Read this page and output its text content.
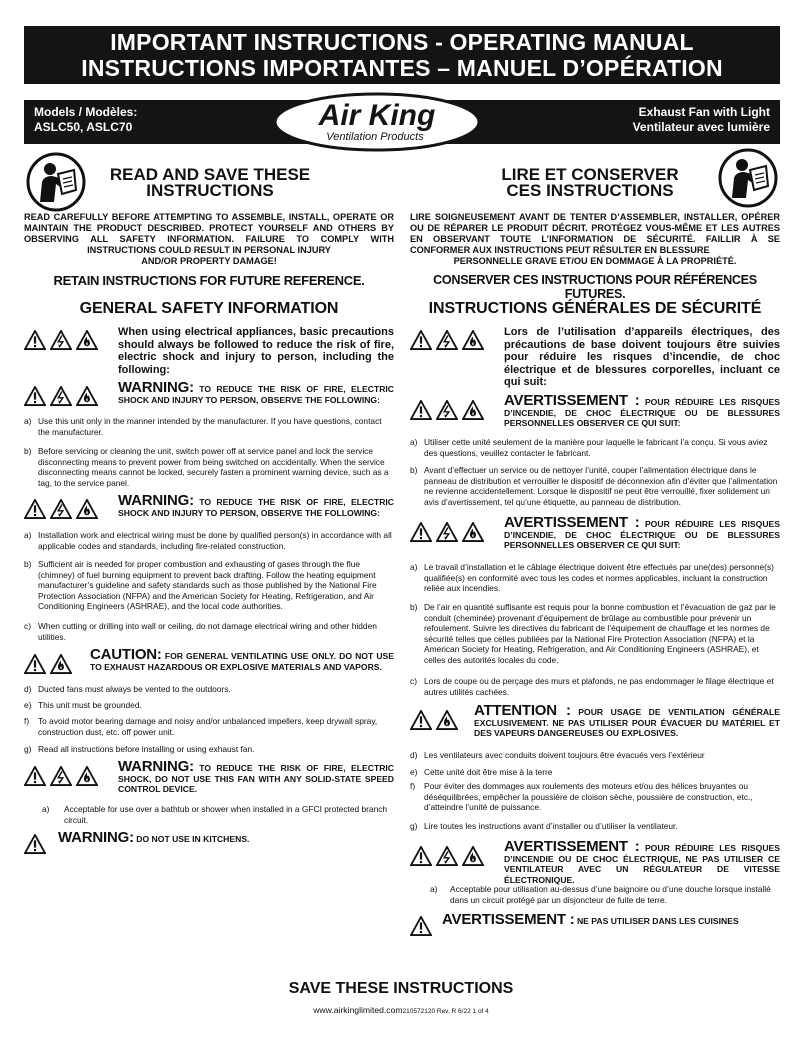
IMPORTANT INSTRUCTIONS - OPERATING MANUAL
INSTRUCTIONS IMPORTANTES – MANUEL D’OPÉRATION
Models / Modèles:
ASLC50, ASLC70
Exhaust Fan with Light
Ventilateur avec lumière
Air King
Ventilation Products	®
READ AND SAVE THESE
INSTRUCTIONS
READ CAREFULLY BEFORE ATTEMPTING TO ASSEMBLE, INSTALL, OPERATE OR MAINTAIN THE PRODUCT DESCRIBED. PROTECT YOURSELF AND OTHERS BY OBSERVING ALL SAFETY INFORMATION. FAILURE TO COMPLY WITH INSTRUCTIONS COULD RESULT IN PERSONAL INJURY
AND/OR PROPERTY DAMAGE!
RETAIN INSTRUCTIONS FOR FUTURE REFERENCE.
GENERAL SAFETY INFORMATION
When using electrical appliances, basic precautions should always be followed to reduce the risk of fire, electric shock and injury to person, including the following:
WARNING: TO REDUCE THE RISK OF FIRE, ELECTRIC SHOCK AND INJURY TO PERSON, OBSERVE THE FOLLOWING:
a) Use this unit only in the manner intended by the manufacturer. If you have questions, contact the manufacturer.
b) Before servicing or cleaning the unit, switch power off at service panel and lock the service disconnecting means to prevent power from being switched on accidentally. When the service disconnecting means cannot be locked, securely fasten a prominent warning device, such as a tag, to the service panel.
WARNING: TO REDUCE THE RISK OF FIRE, ELECTRIC SHOCK AND INJURY TO PERSON, OBSERVE THE FOLLOWING:
a) Installation work and electrical wiring must be done by qualified person(s) in accordance with all applicable codes and standards, including fire-related construction.
b) Sufficient air is needed for proper combustion and exhausting of gases through the flue (chimney) of fuel burning equipment to prevent back drafting. Follow the heating equipment manufacturer’s guideline and safety standards such as those published by the National Fire Protection Association (NFPA) and the American Society for Heating, Refrigeration, and Air Conditioning Engineers (ASHRAE), and the local code authorities.
c) When cutting or drilling into wall or ceiling, do not damage electrical wiring and other hidden utilities.
CAUTION: FOR GENERAL VENTILATING USE ONLY. DO NOT USE TO EXHAUST HAZARDOUS OR EXPLOSIVE MATERIALS AND VAPORS.
d) Ducted fans must always be vented to the outdoors.
e) This unit must be grounded.
f) To avoid motor bearing damage and noisy and/or unbalanced impellers, keep drywall spray, construction dust, etc. off power unit.
g) Read all instructions before installing or using exhaust fan.
WARNING: TO REDUCE THE RISK OF FIRE, ELECTRIC SHOCK, DO NOT USE THIS FAN WITH ANY SOLID-STATE SPEED CONTROL DEVICE.
a) Acceptable for use over a bathtub or shower when installed in a GFCI protected branch circuit.
WARNING: DO NOT USE IN KITCHENS.
LIRE ET CONSERVER
CES INSTRUCTIONS
LIRE SOIGNEUSEMENT AVANT DE TENTER D’ASSEMBLER, INSTALLER, OPÉRER OU DE RÉPARER LE PRODUIT DÉCRIT. PROTÉGEZ VOUS-MÊME ET LES AUTRES EN OBSERVANT TOUTE L’INFORMATION DE SÉCURITÉ. FAILLIR À SE CONFORMER AUX INSTRUCTIONS PEUT RÉSULTER EN BLESSURE
PERSONNELLE GRAVE ET/OU EN DOMMAGE À LA PROPRIÉTÉ.
CONSERVER CES INSTRUCTIONS POUR RÉFÉRENCES FUTURES.
INSTRUCTIONS GÉNÉRALES DE SÉCURITÉ
Lors de l’utilisation d’appareils électriques, des précautions de base doivent toujours être suivies pour réduire les risques d’incendie, de choc électrique et de blessures corporelles, incluant ce qui suit:
AVERTISSEMENT : POUR RÉDUIRE LES RISQUES D’INCENDIE, DE CHOC ÉLECTRIQUE OU DE BLESSURES PERSONNELLES OBSERVER CE QUI SUIT:
a) Utiliser cette unité seulement de la manière pour laquelle le fabricant l’a conçu. Si vous aviez des questions, veuillez contacter le fabricant.
b) Avant d’effectuer un service ou de nettoyer l’unité, couper l’alimentation électrique dans le panneau de distribution et verrouiller le dispositif de déconnexion afin d’éviter que l’alimentation ne revienne accidentellement. Lorsque le dispositif ne peut être verrouillé, fixer solidement un avis d’avertissement, tel qu’une étiquette, au panneau de distribution.
AVERTISSEMENT : POUR RÉDUIRE LES RISQUES D’INCENDIE, DE CHOC ÉLECTRIQUE OU DE BLESSURES PERSONNELLES OBSERVER CE QUI SUIT:
a) Le travail d’installation et le câblage électrique doivent être effectués par une(des) personne(s) qualifiée(s) en conformité avec tous les codes et normes applicables, incluant la construction reliée aux incendies.
b) De l’air en quantité suffisante est requis pour la bonne combustion et l’évacuation de gaz par le conduit (cheminée) provenant d’équipement de brûlage au combustible pour prévenir un refoulement. Suivre les directives du fabricant de l’équipement de chauffage et les normes de sécurité telles que celles publiées par la National Fire Protection Association (NFPA) et la American Society for Heating, Refrigeration, and Air Conditioning Engineers (ASHRAE), et celles des autorités locales du code.
c) Lors de coupe ou de perçage des murs et plafonds, ne pas endommager le filage électrique et autres utilités cachées.
ATTENTION : POUR USAGE DE VENTILATION GÉNÉRALE EXCLUSIVEMENT. NE PAS UTILISER POUR ÉVACUER DU MATÉRIEL ET DES VAPEURS DANGEREUSES OU EXPLOSIVES.
d) Les ventilateurs avec conduits doivent toujours être évacués vers l’extérieur
e) Cette unité doit être mise à la terre
f) Pour éviter des dommages aux roulements des moteurs et/ou des hélices bruyantes ou déséquilibrées, empêcher la poussière de cloison sèche, poussière de construction, etc., d’atteindre l’unité de puissance.
g) Lire toutes les instructions avant d’installer ou d’utiliser la ventilateur.
AVERTISSEMENT : POUR RÉDUIRE LES RISQUES D’INCENDIE OU DE CHOC ÉLECTRIQUE, NE PAS UTILISER CE VENTILATEUR AVEC UN RÉGULATEUR DE VITESSE ÉLECTRONIQUE.
a) Acceptable pour utilisation au-dessus d’une baignoire ou d’une douche lorsque installé dans un circuit protégé par un disjoncteur de fuite de terre.
AVERTISSEMENT : NE PAS UTILISER DANS LES CUISINES
SAVE THESE INSTRUCTIONS
www.airkinglimited.com210572120 Rev. R 6/22 1 of 4
